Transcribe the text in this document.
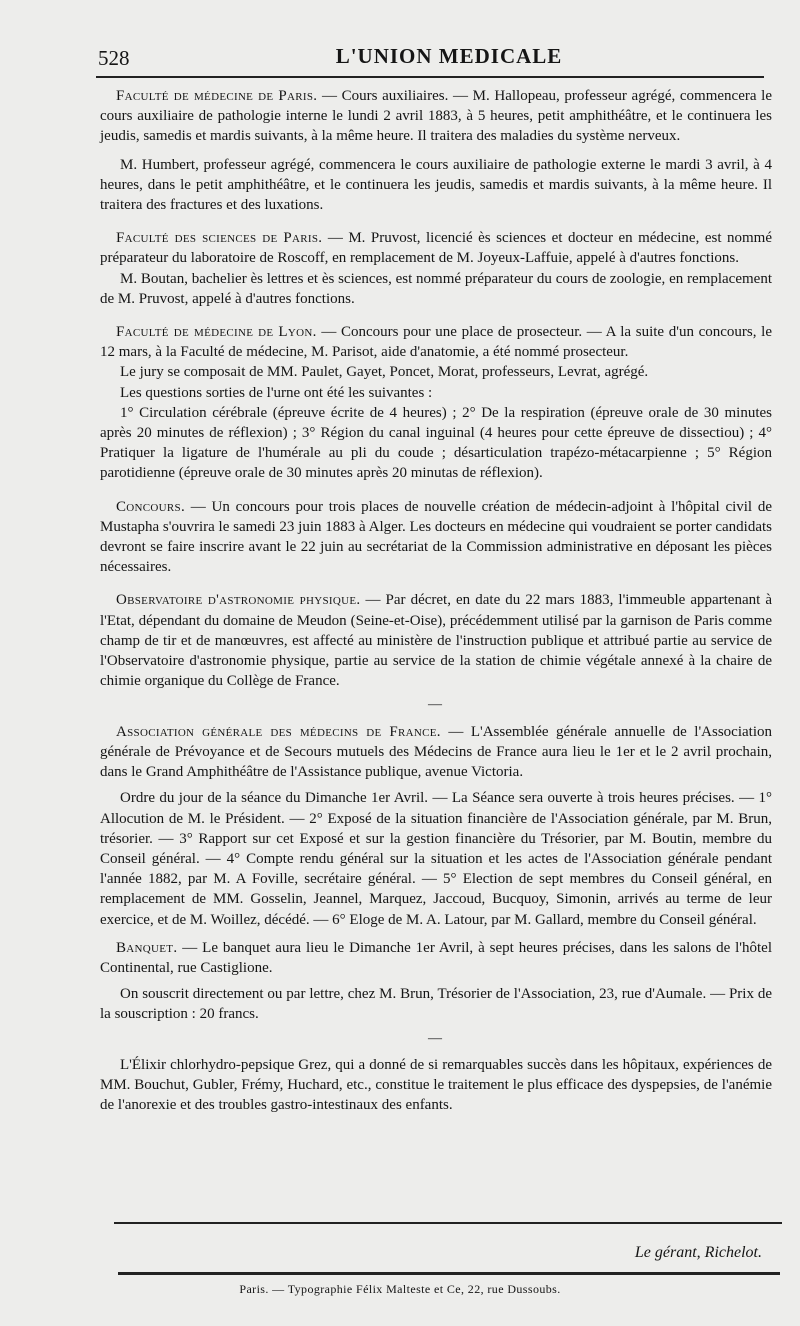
528	L'UNION MEDICALE

Faculté de médecine de Paris. — Cours auxiliaires. — M. Hallopeau, professeur agrégé, commencera le cours auxiliaire de pathologie interne le lundi 2 avril 1883, à 5 heures, petit amphithéâtre, et le continuera les jeudis, samedis et mardis suivants, à la même heure. Il traitera des maladies du système nerveux.

M. Humbert, professeur agrégé, commencera le cours auxiliaire de pathologie externe le mardi 3 avril, à 4 heures, dans le petit amphithéâtre, et le continuera les jeudis, samedis et mardis suivants, à la même heure. Il traitera des fractures et des luxations.

Faculté des sciences de Paris. — M. Pruvost, licencié ès sciences et docteur en médecine, est nommé préparateur du laboratoire de Roscoff, en remplacement de M. Joyeux-Laffuie, appelé à d'autres fonctions.

M. Boutan, bachelier ès lettres et ès sciences, est nommé préparateur du cours de zoologie, en remplacement de M. Pruvost, appelé à d'autres fonctions.

Faculté de médecine de Lyon. — Concours pour une place de prosecteur. — A la suite d'un concours, le 12 mars, à la Faculté de médecine, M. Parisot, aide d'anatomie, a été nommé prosecteur.

Le jury se composait de MM. Paulet, Gayet, Poncet, Morat, professeurs, Levrat, agrégé.

Les questions sorties de l'urne ont été les suivantes :

1° Circulation cérébrale (épreuve écrite de 4 heures) ; 2° De la respiration (épreuve orale de 30 minutes après 20 minutes de réflexion) ; 3° Région du canal inguinal (4 heures pour cette épreuve de dissectiou) ; 4° Pratiquer la ligature de l'humérale au pli du coude ; désarticulation trapézo-métacarpienne ; 5° Région parotidienne (épreuve orale de 30 minutes après 20 minutas de réflexion).

Concours. — Un concours pour trois places de nouvelle création de médecin-adjoint à l'hôpital civil de Mustapha s'ouvrira le samedi 23 juin 1883 à Alger. Les docteurs en médecine qui voudraient se porter candidats devront se faire inscrire avant le 22 juin au secrétariat de la Commission administrative en déposant les pièces nécessaires.

Observatoire d'astronomie physique. — Par décret, en date du 22 mars 1883, l'immeuble appartenant à l'Etat, dépendant du domaine de Meudon (Seine-et-Oise), précédemment utilisé par la garnison de Paris comme champ de tir et de manœuvres, est affecté au ministère de l'instruction publique et attribué partie au service de l'Observatoire d'astronomie physique, partie au service de la station de chimie végétale annexé à la chaire de chimie organique du Collège de France.

—

Association générale des médecins de France. — L'Assemblée générale annuelle de l'Association générale de Prévoyance et de Secours mutuels des Médecins de France aura lieu le 1er et le 2 avril prochain, dans le Grand Amphithéâtre de l'Assistance publique, avenue Victoria.

Ordre du jour de la séance du Dimanche 1er Avril. — La Séance sera ouverte à trois heures précises. — 1° Allocution de M. le Président. — 2° Exposé de la situation financière de l'Association générale, par M. Brun, trésorier. — 3° Rapport sur cet Exposé et sur la gestion financière du Trésorier, par M. Boutin, membre du Conseil général. — 4° Compte rendu général sur la situation et les actes de l'Association générale pendant l'année 1882, par M. A Foville, secrétaire général. — 5° Election de sept membres du Conseil général, en remplacement de MM. Gosselin, Jeannel, Marquez, Jaccoud, Bucquoy, Simonin, arrivés au terme de leur exercice, et de M. Woillez, décédé. — 6° Eloge de M. A. Latour, par M. Gallard, membre du Conseil général.

Banquet. — Le banquet aura lieu le Dimanche 1er Avril, à sept heures précises, dans les salons de l'hôtel Continental, rue Castiglione.

On souscrit directement ou par lettre, chez M. Brun, Trésorier de l'Association, 23, rue d'Aumale. — Prix de la souscription : 20 francs.

—

L'Élixir chlorhydro-pepsique Grez, qui a donné de si remarquables succès dans les hôpitaux, expériences de MM. Bouchut, Gubler, Frémy, Huchard, etc., constitue le traitement le plus efficace des dyspepsies, de l'anémie de l'anorexie et des troubles gastro-intestinaux des enfants.

Le gérant, Richelot.
Paris. — Typographie Félix Malteste et Ce, 22, rue Dussoubs.
